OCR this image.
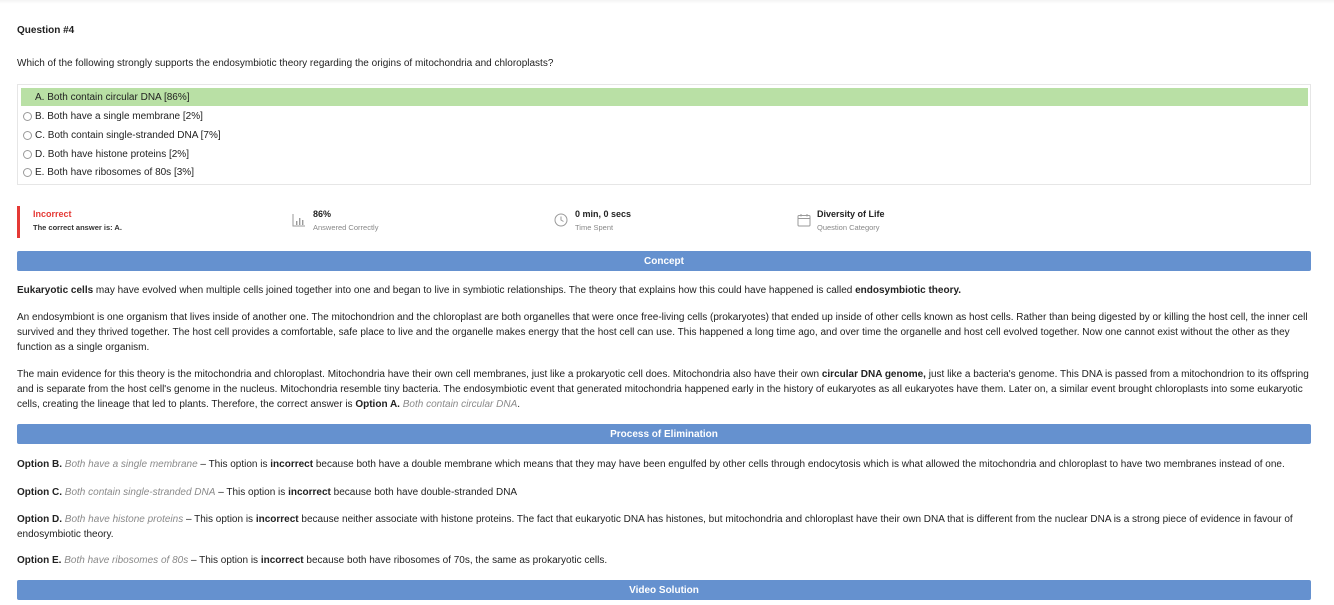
Question #4
Which of the following strongly supports the endosymbiotic theory regarding the origins of mitochondria and chloroplasts?
A. Both contain circular DNA [86%]
B. Both have a single membrane [2%]
C. Both contain single-stranded DNA [7%]
D. Both have histone proteins [2%]
E. Both have ribosomes of 80s [3%]
Incorrect
The correct answer is: A.
86%
Answered Correctly
0 min, 0 secs
Time Spent
Diversity of Life
Question Category
Concept
Eukaryotic cells may have evolved when multiple cells joined together into one and began to live in symbiotic relationships. The theory that explains how this could have happened is called endosymbiotic theory.
An endosymbiont is one organism that lives inside of another one. The mitochondrion and the chloroplast are both organelles that were once free-living cells (prokaryotes) that ended up inside of other cells known as host cells. Rather than being digested by or killing the host cell, the inner cell survived and they thrived together. The host cell provides a comfortable, safe place to live and the organelle makes energy that the host cell can use. This happened a long time ago, and over time the organelle and host cell evolved together. Now one cannot exist without the other as they function as a single organism.
The main evidence for this theory is the mitochondria and chloroplast. Mitochondria have their own cell membranes, just like a prokaryotic cell does. Mitochondria also have their own circular DNA genome, just like a bacteria's genome. This DNA is passed from a mitochondrion to its offspring and is separate from the host cell's genome in the nucleus. Mitochondria resemble tiny bacteria. The endosymbiotic event that generated mitochondria happened early in the history of eukaryotes as all eukaryotes have them. Later on, a similar event brought chloroplasts into some eukaryotic cells, creating the lineage that led to plants. Therefore, the correct answer is Option A. Both contain circular DNA.
Process of Elimination
Option B. Both have a single membrane – This option is incorrect because both have a double membrane which means that they may have been engulfed by other cells through endocytosis which is what allowed the mitochondria and chloroplast to have two membranes instead of one.
Option C. Both contain single-stranded DNA – This option is incorrect because both have double-stranded DNA
Option D. Both have histone proteins – This option is incorrect because neither associate with histone proteins. The fact that eukaryotic DNA has histones, but mitochondria and chloroplast have their own DNA that is different from the nuclear DNA is a strong piece of evidence in favour of endosymbiotic theory.
Option E. Both have ribosomes of 80s – This option is incorrect because both have ribosomes of 70s, the same as prokaryotic cells.
Video Solution
